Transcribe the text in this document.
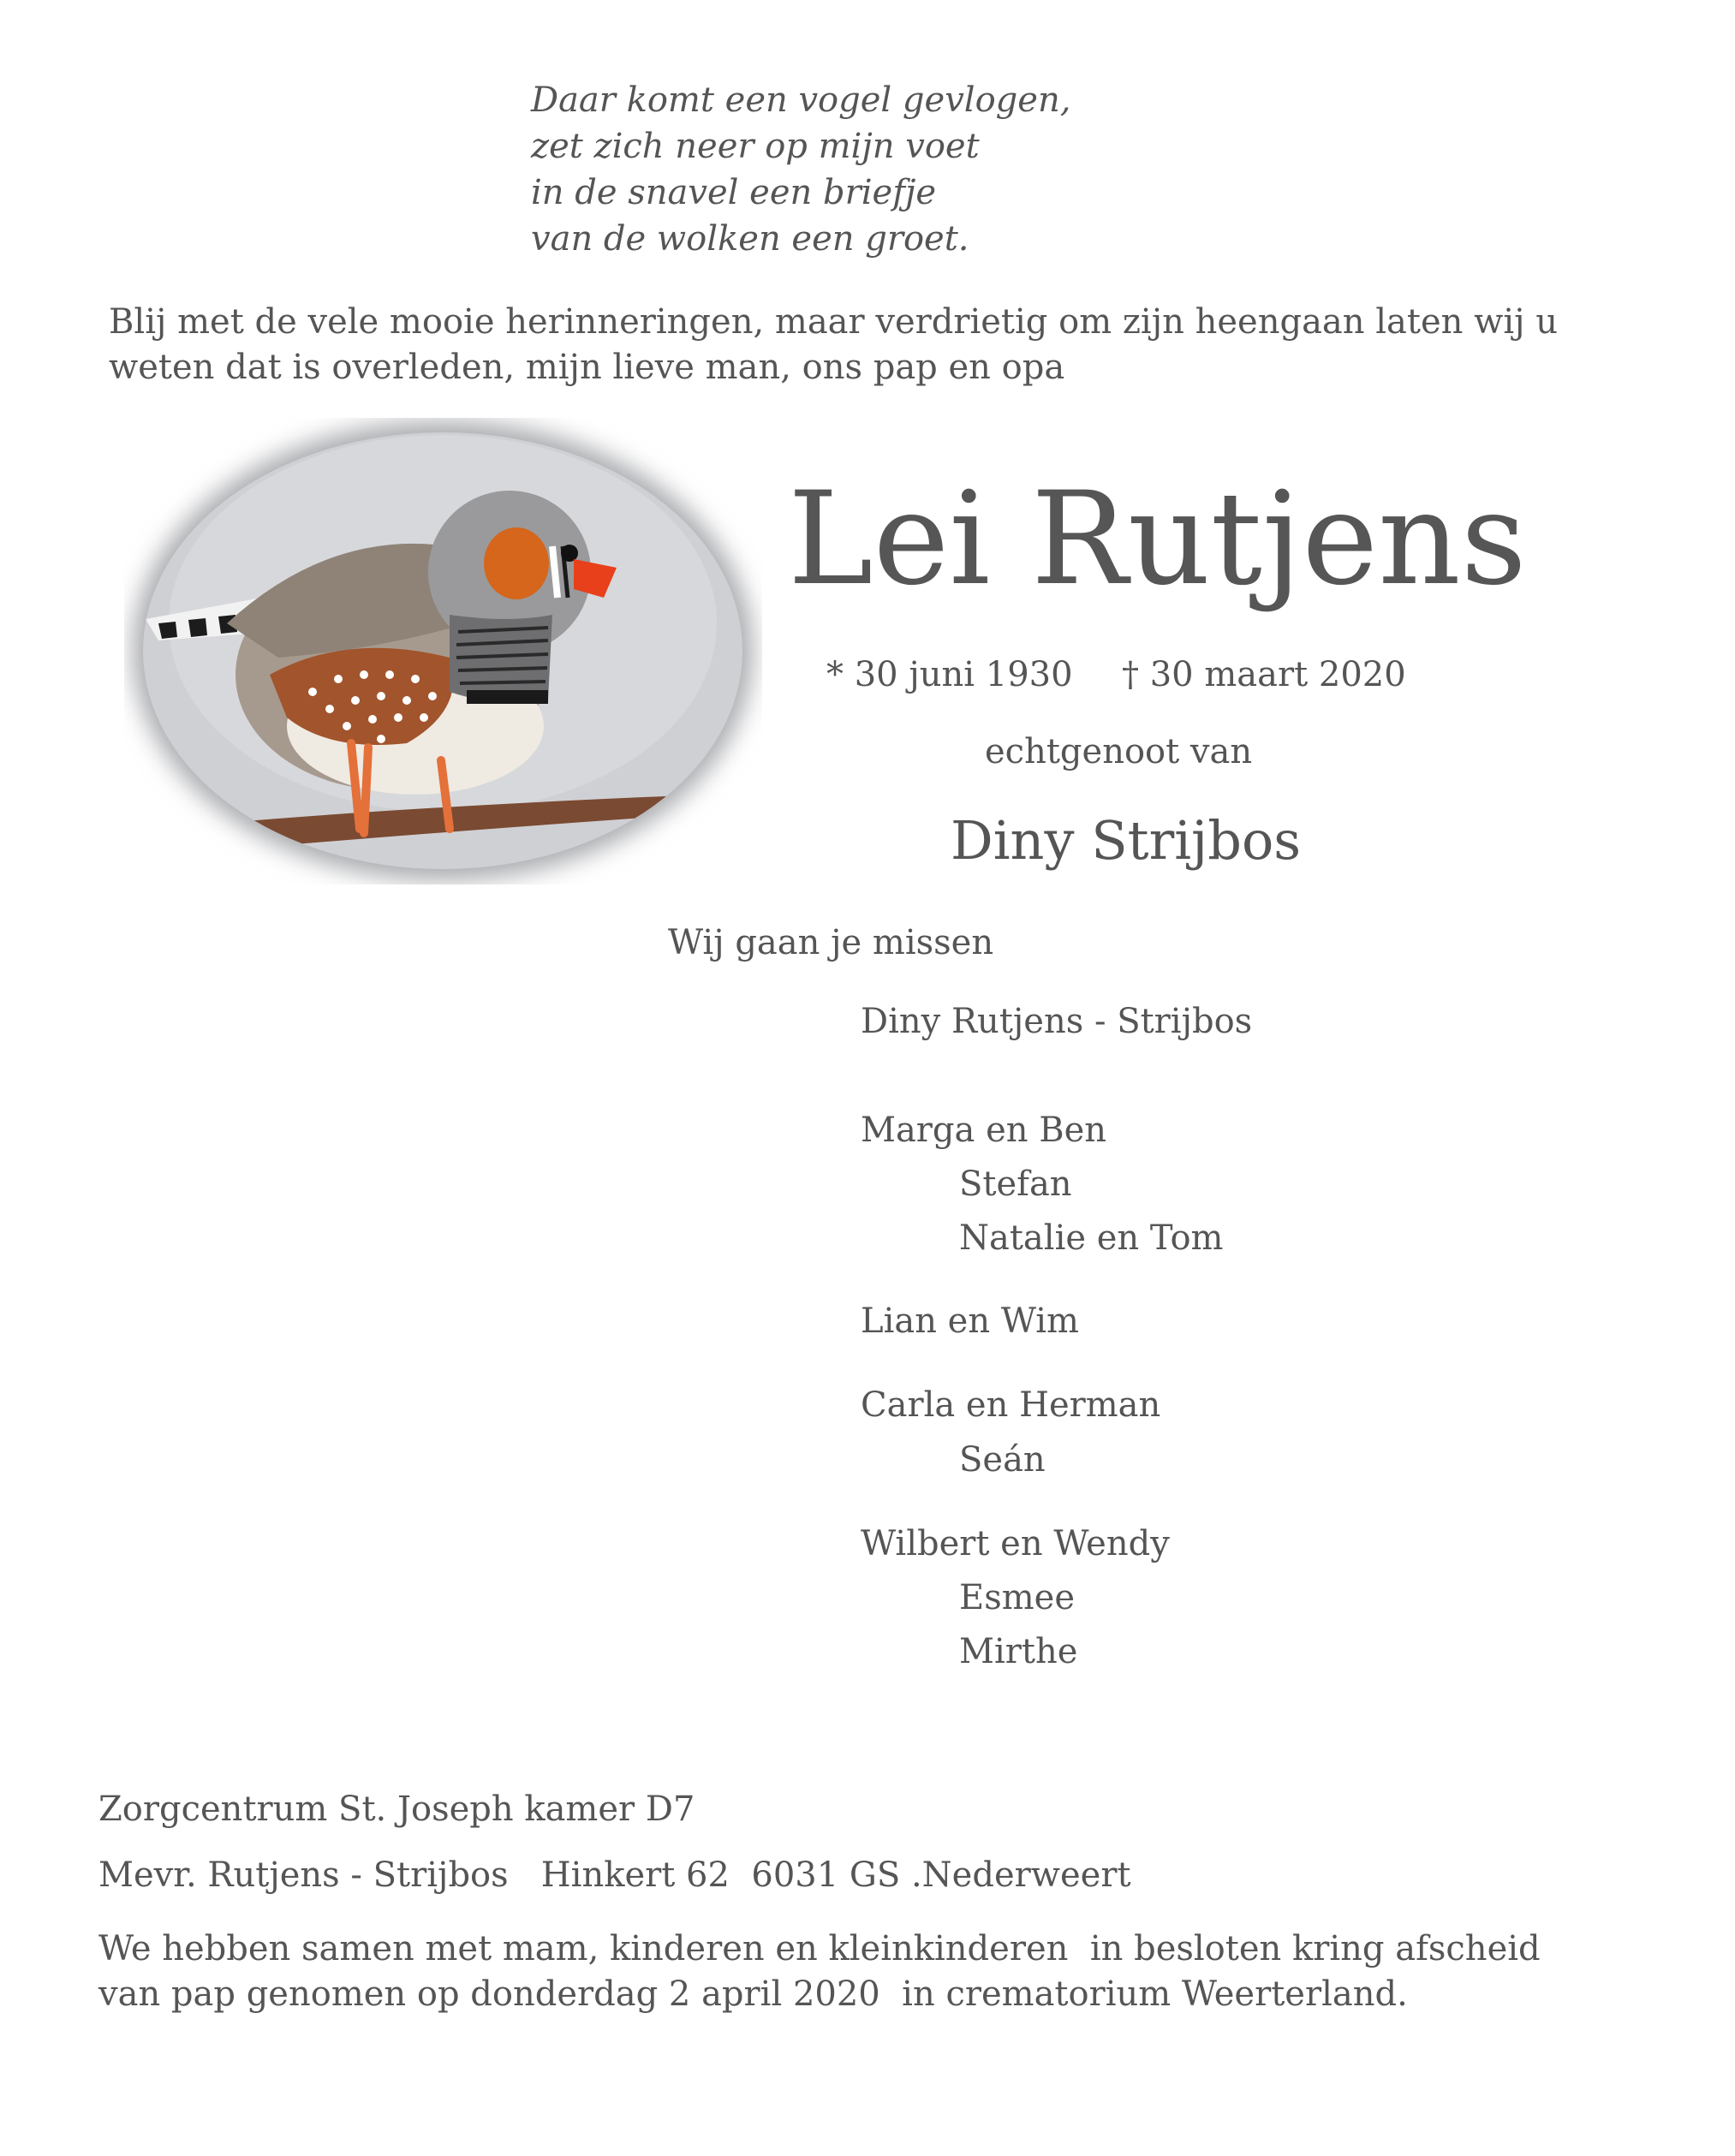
Daar komt een vogel gevlogen,
zet zich neer op mijn voet
in de snavel een briefje
van de wolken een groet.
Blij met de vele mooie herinneringen, maar verdrietig om zijn heengaan laten wij u
weten dat is overleden, mijn lieve man, ons pap en opa
Lei Rutjens
* 30 juni 1930 † 30 maart 2020
echtgenoot van
Diny Strijbos
Wij gaan je missen
Diny Rutjens - Strijbos
Marga en Ben
Stefan
Natalie en Tom
Lian en Wim
Carla en Herman
Seán
Wilbert en Wendy
Esmee
Mirthe
Zorgcentrum St. Joseph kamer D7
Mevr. Rutjens - Strijbos   Hinkert 62  6031 GS .Nederweert
We hebben samen met mam, kinderen en kleinkinderen  in besloten kring afscheid
van pap genomen op donderdag 2 april 2020  in crematorium Weerterland.
